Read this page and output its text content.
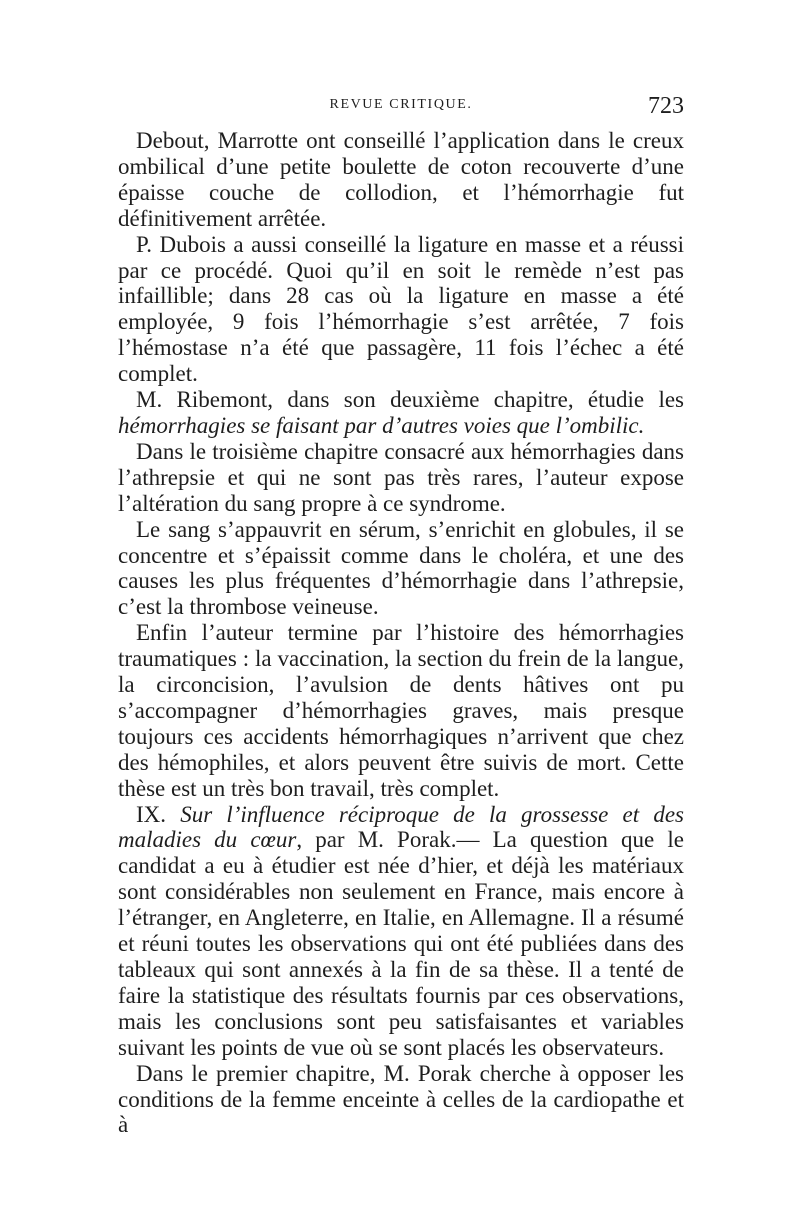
REVUE CRITIQUE.	723

Debout, Marrotte ont conseillé l’application dans le creux ombilical d’une petite boulette de coton recouverte d’une épaisse couche de collodion, et l’hémorrhagie fut définitivement arrêtée.

P. Dubois a aussi conseillé la ligature en masse et a réussi par ce procédé. Quoi qu’il en soit le remède n’est pas infaillible; dans 28 cas où la ligature en masse a été employée, 9 fois l’hémorrhagie s’est arrêtée, 7 fois l’hémostase n’a été que passagère, 11 fois l’échec a été complet.

M. Ribemont, dans son deuxième chapitre, étudie les hémorrhagies se faisant par d’autres voies que l’ombilic.

Dans le troisième chapitre consacré aux hémorrhagies dans l’athrepsie et qui ne sont pas très rares, l’auteur expose l’altération du sang propre à ce syndrome.

Le sang s’appauvrit en sérum, s’enrichit en globules, il se concentre et s’épaissit comme dans le choléra, et une des causes les plus fréquentes d’hémorrhagie dans l’athrepsie, c’est la thrombose veineuse.

Enfin l’auteur termine par l’histoire des hémorrhagies traumatiques : la vaccination, la section du frein de la langue, la circoncision, l’avulsion de dents hâtives ont pu s’accompagner d’hémorrhagies graves, mais presque toujours ces accidents hémorrhagiques n’arrivent que chez des hémophiles, et alors peuvent être suivis de mort. Cette thèse est un très bon travail, très complet.

IX. Sur l’influence réciproque de la grossesse et des maladies du cœur, par M. Porak.— La question que le candidat a eu à étudier est née d’hier, et déjà les matériaux sont considérables non seulement en France, mais encore à l’étranger, en Angleterre, en Italie, en Allemagne. Il a résumé et réuni toutes les observations qui ont été publiées dans des tableaux qui sont annexés à la fin de sa thèse. Il a tenté de faire la statistique des résultats fournis par ces observations, mais les conclusions sont peu satisfaisantes et variables suivant les points de vue où se sont placés les observateurs.

Dans le premier chapitre, M. Porak cherche à opposer les conditions de la femme enceinte à celles de la cardiopathe et à
